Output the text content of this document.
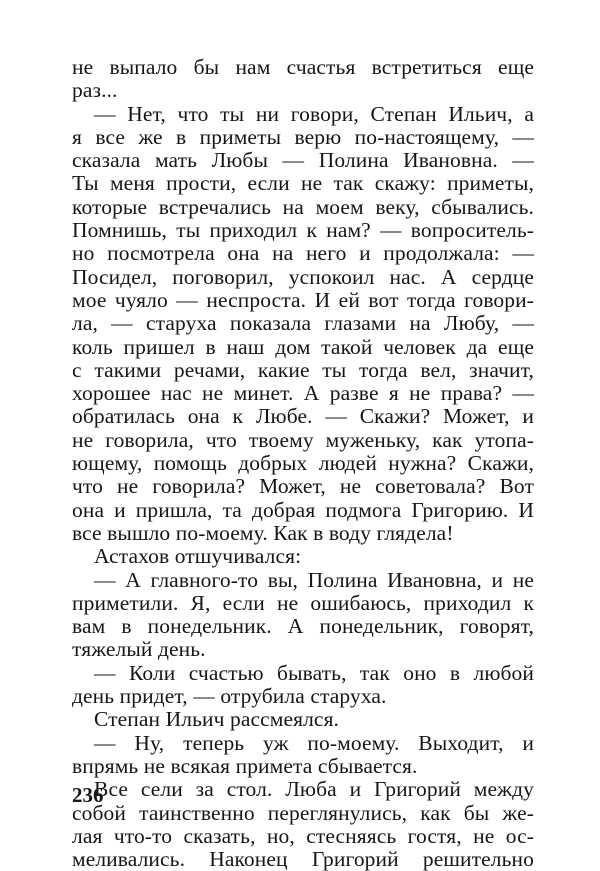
не выпало бы нам счастья встретиться еще
раз...
— Нет, что ты ни говори, Степан Ильич, а
я все же в приметы верю по-настоящему, —
сказала мать Любы — Полина Ивановна. —
Ты меня прости, если не так скажу: приметы,
которые встречались на моем веку, сбывались.
Помнишь, ты приходил к нам? — вопроситель-
но посмотрела она на него и продолжала: —
Посидел, поговорил, успокоил нас. А сердце
мое чуяло — неспроста. И ей вот тогда говори-
ла, — старуха показала глазами на Любу, —
коль пришел в наш дом такой человек да еще
с такими речами, какие ты тогда вел, значит,
хорошее нас не минет. А разве я не права? —
обратилась она к Любе. — Скажи? Может, и
не говорила, что твоему муженьку, как утопа-
ющему, помощь добрых людей нужна? Скажи,
что не говорила? Может, не советовала? Вот
она и пришла, та добрая подмога Григорию. И
все вышло по-моему. Как в воду глядела!
Астахов отшучивался:
— А главного-то вы, Полина Ивановна, и не
приметили. Я, если не ошибаюсь, приходил к
вам в понедельник. А понедельник, говорят,
тяжелый день.
— Коли счастью бывать, так оно в любой
день придет, — отрубила старуха.
Степан Ильич рассмеялся.
— Ну, теперь уж по-моему. Выходит, и
впрямь не всякая примета сбывается.
Все сели за стол. Люба и Григорий между
собой таинственно переглянулись, как бы же-
лая что-то сказать, но, стесняясь гостя, не ос-
меливались. Наконец Григорий решительно
236
